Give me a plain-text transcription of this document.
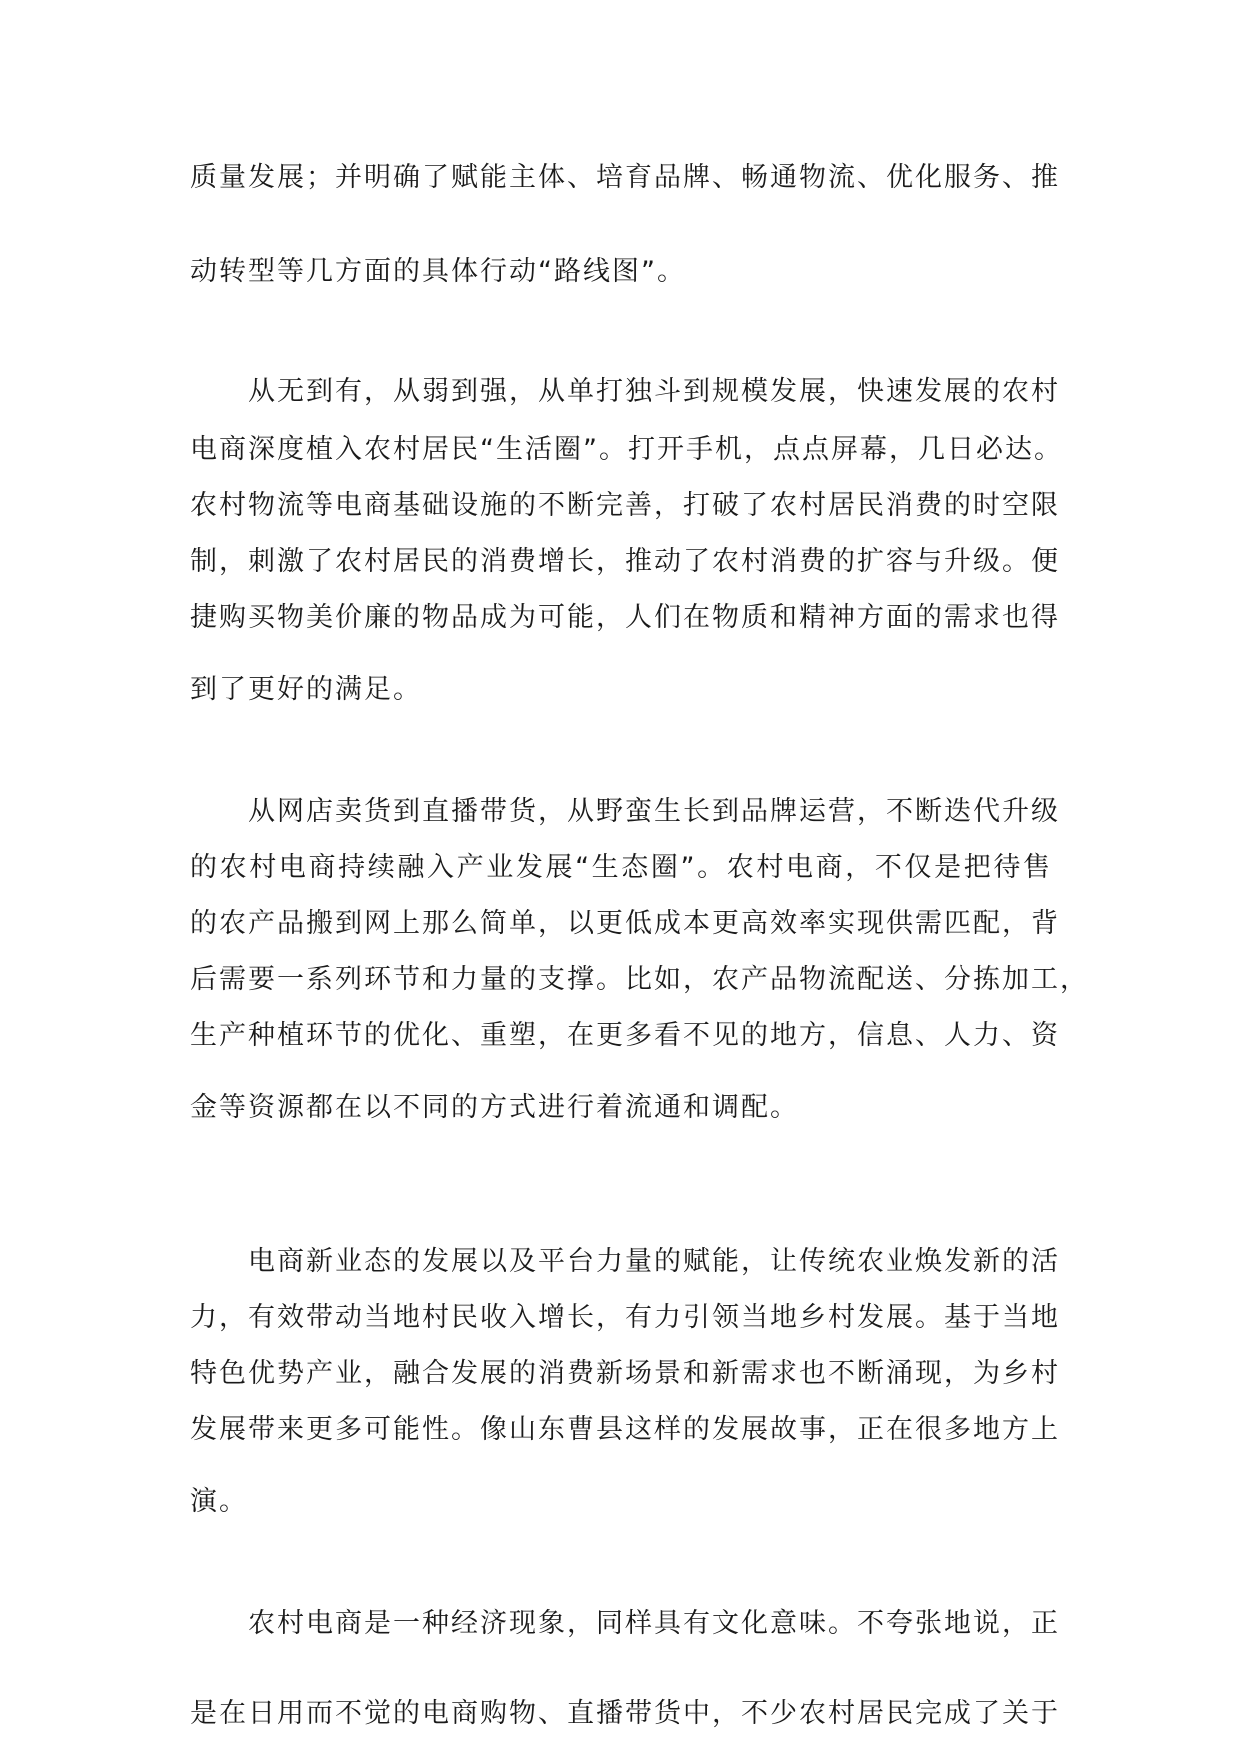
质量发展；并明确了赋能主体、培育品牌、畅通物流、优化服务、推

动转型等几方面的具体行动“路线图”。

　　从无到有，从弱到强，从单打独斗到规模发展，快速发展的农村

电商深度植入农村居民“生活圈”。打开手机，点点屏幕，几日必达。

农村物流等电商基础设施的不断完善，打破了农村居民消费的时空限

制，刺激了农村居民的消费增长，推动了农村消费的扩容与升级。便

捷购买物美价廉的物品成为可能，人们在物质和精神方面的需求也得

到了更好的满足。

　　从网店卖货到直播带货，从野蛮生长到品牌运营，不断迭代升级

的农村电商持续融入产业发展“生态圈”。农村电商，不仅是把待售

的农产品搬到网上那么简单，以更低成本更高效率实现供需匹配，背

后需要一系列环节和力量的支撑。比如，农产品物流配送、分拣加工，

生产种植环节的优化、重塑，在更多看不见的地方，信息、人力、资

金等资源都在以不同的方式进行着流通和调配。

　　电商新业态的发展以及平台力量的赋能，让传统农业焕发新的活

力，有效带动当地村民收入增长，有力引领当地乡村发展。基于当地

特色优势产业，融合发展的消费新场景和新需求也不断涌现，为乡村

发展带来更多可能性。像山东曹县这样的发展故事，正在很多地方上

演。

　　农村电商是一种经济现象，同样具有文化意味。不夸张地说，正

是在日用而不觉的电商购物、直播带货中，不少农村居民完成了关于
